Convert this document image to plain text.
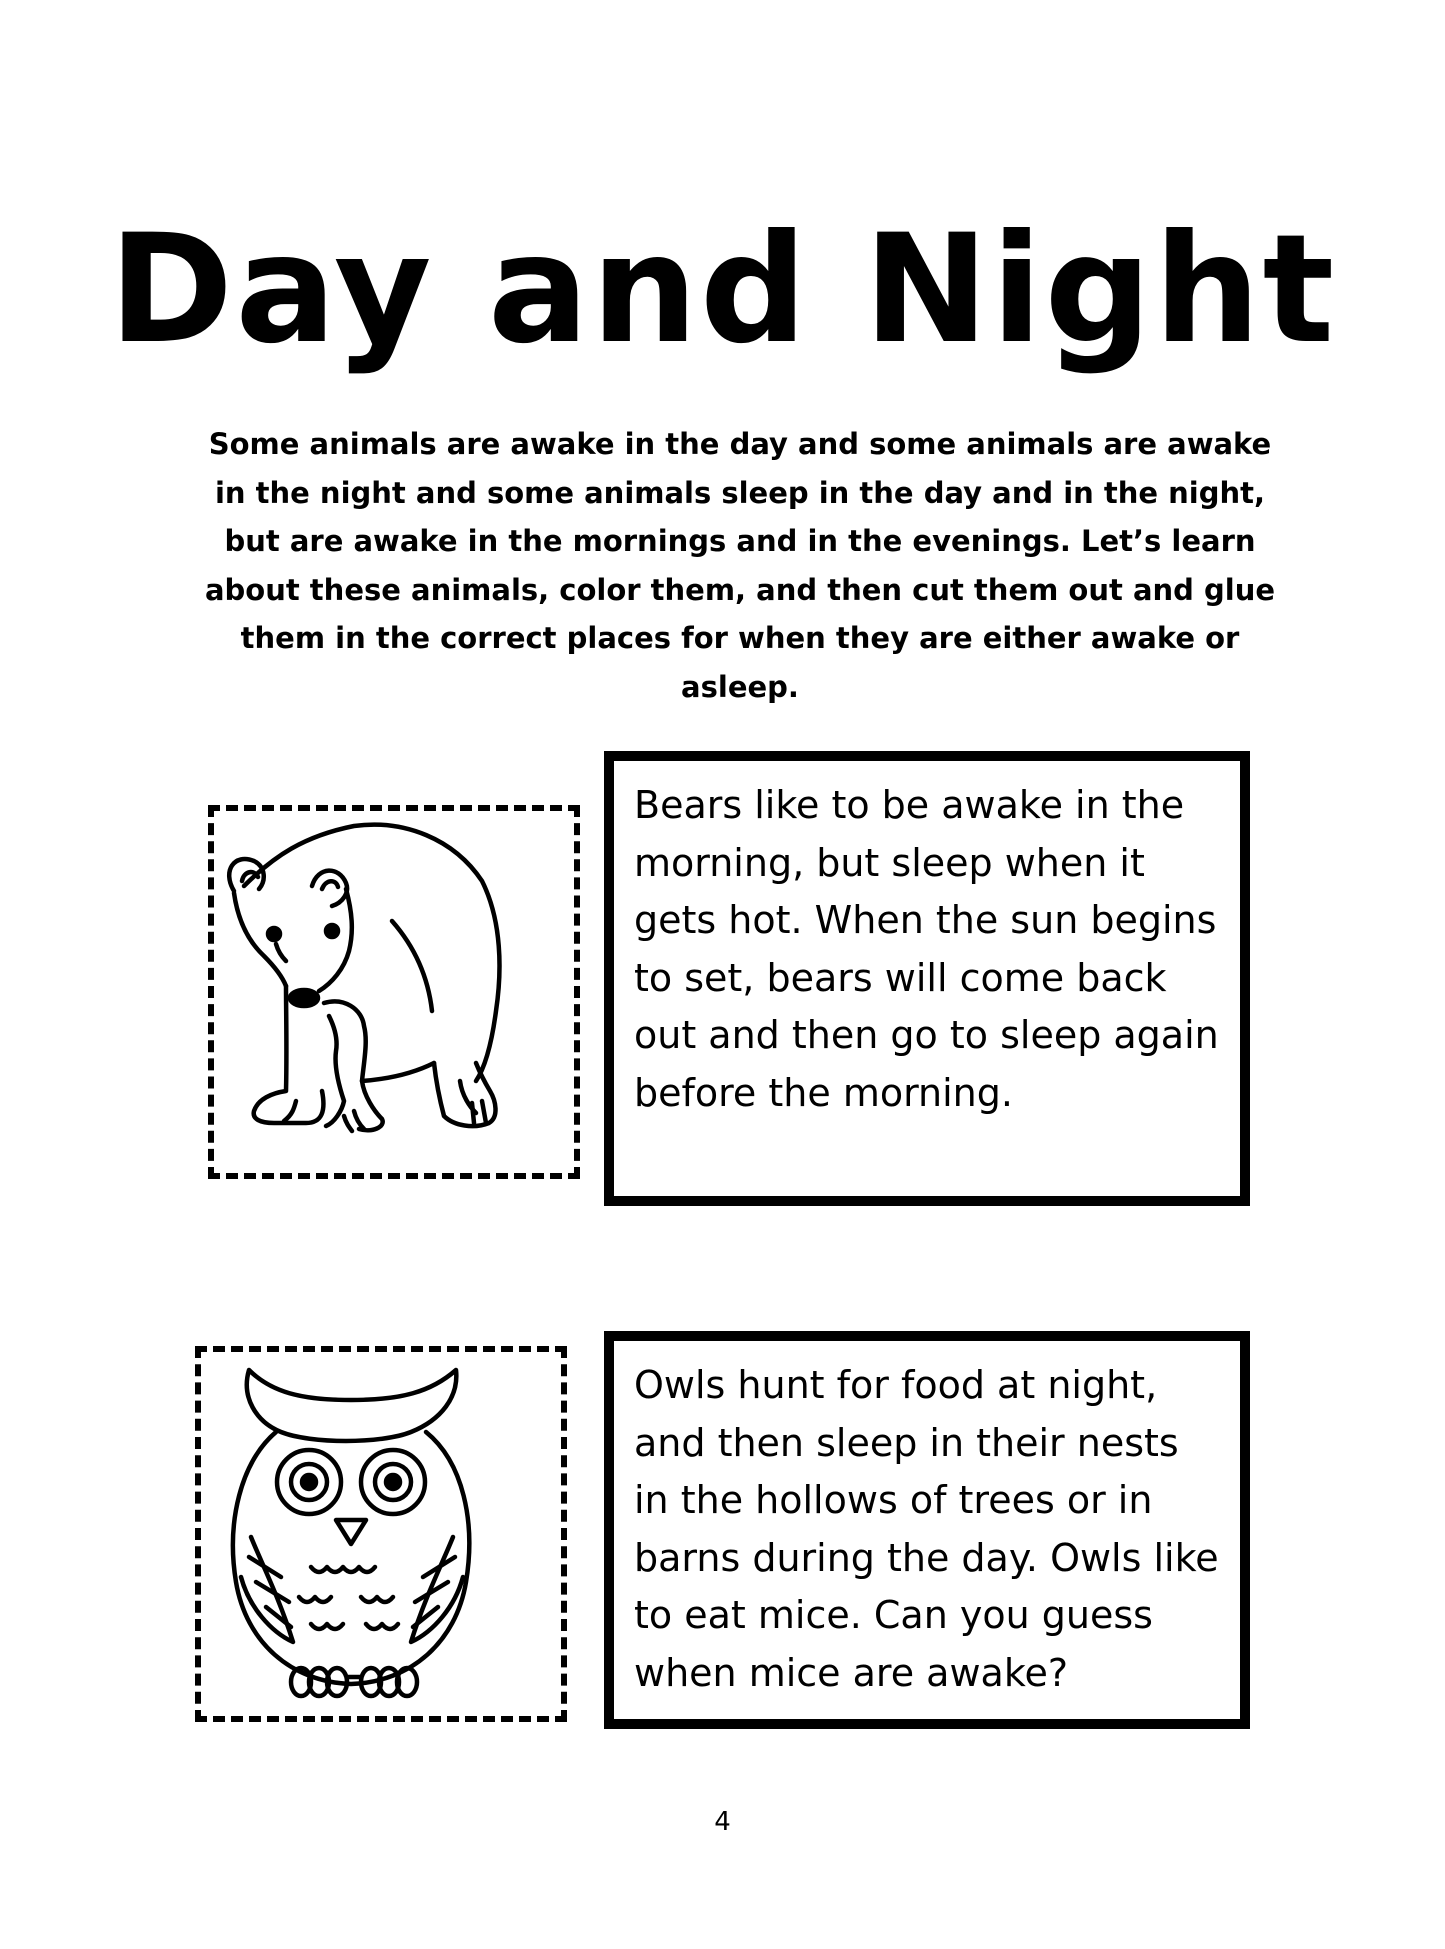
Day and Night

Some animals are awake in the day and some animals are awake in the night and some animals sleep in the day and in the night, but are awake in the mornings and in the evenings. Let’s learn about these animals, color them, and then cut them out and glue them in the correct places for when they are either awake or asleep.

Bears like to be awake in the morning, but sleep when it gets hot. When the sun begins to set, bears will come back out and then go to sleep again before the morning.
Owls hunt for food at night, and then sleep in their nests in the hollows of trees or in barns during the day. Owls like to eat mice. Can you guess when mice are awake?
4
